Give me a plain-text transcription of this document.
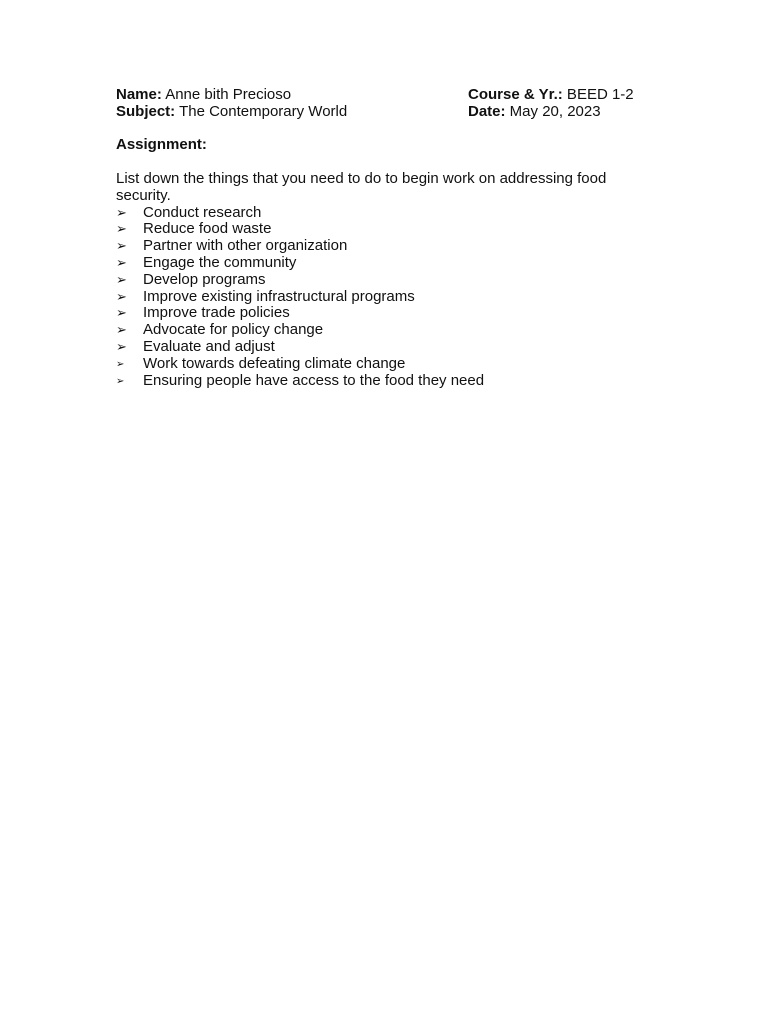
Name: Anne bith Precioso	Course & Yr.: BEED 1-2
Subject: The Contemporary World	Date: May 20, 2023
Assignment:

List down the things that you need to do to begin work on addressing food security.

➢ Conduct research
➢ Reduce food waste
➢ Partner with other organization
➢ Engage the community
➢ Develop programs
➢ Improve existing infrastructural programs
➢ Improve trade policies
➢ Advocate for policy change
➢ Evaluate and adjust
➢ Work towards defeating climate change
➢ Ensuring people have access to the food they need
